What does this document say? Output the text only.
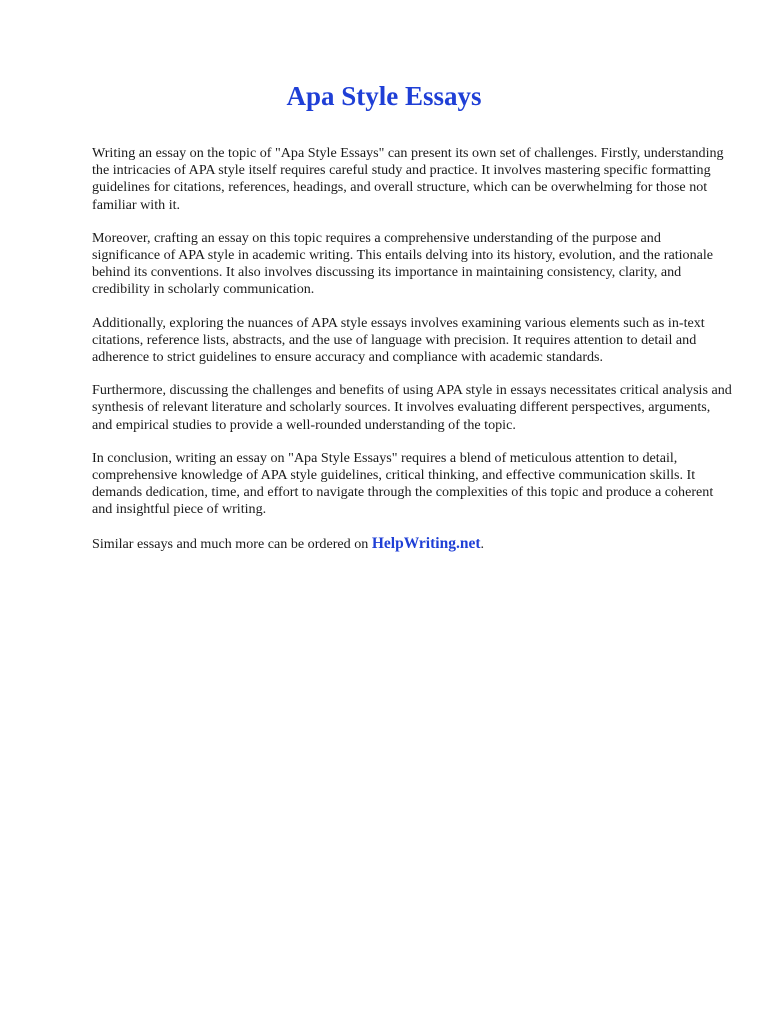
Apa Style Essays

Writing an essay on the topic of "Apa Style Essays" can present its own set of challenges. Firstly, understanding the intricacies of APA style itself requires careful study and practice. It involves mastering specific formatting guidelines for citations, references, headings, and overall structure, which can be overwhelming for those not familiar with it.

Moreover, crafting an essay on this topic requires a comprehensive understanding of the purpose and significance of APA style in academic writing. This entails delving into its history, evolution, and the rationale behind its conventions. It also involves discussing its importance in maintaining consistency, clarity, and credibility in scholarly communication.

Additionally, exploring the nuances of APA style essays involves examining various elements such as in-text citations, reference lists, abstracts, and the use of language with precision. It requires attention to detail and adherence to strict guidelines to ensure accuracy and compliance with academic standards.

Furthermore, discussing the challenges and benefits of using APA style in essays necessitates critical analysis and synthesis of relevant literature and scholarly sources. It involves evaluating different perspectives, arguments, and empirical studies to provide a well-rounded understanding of the topic.

In conclusion, writing an essay on "Apa Style Essays" requires a blend of meticulous attention to detail, comprehensive knowledge of APA style guidelines, critical thinking, and effective communication skills. It demands dedication, time, and effort to navigate through the complexities of this topic and produce a coherent and insightful piece of writing.

Similar essays and much more can be ordered on HelpWriting.net.
